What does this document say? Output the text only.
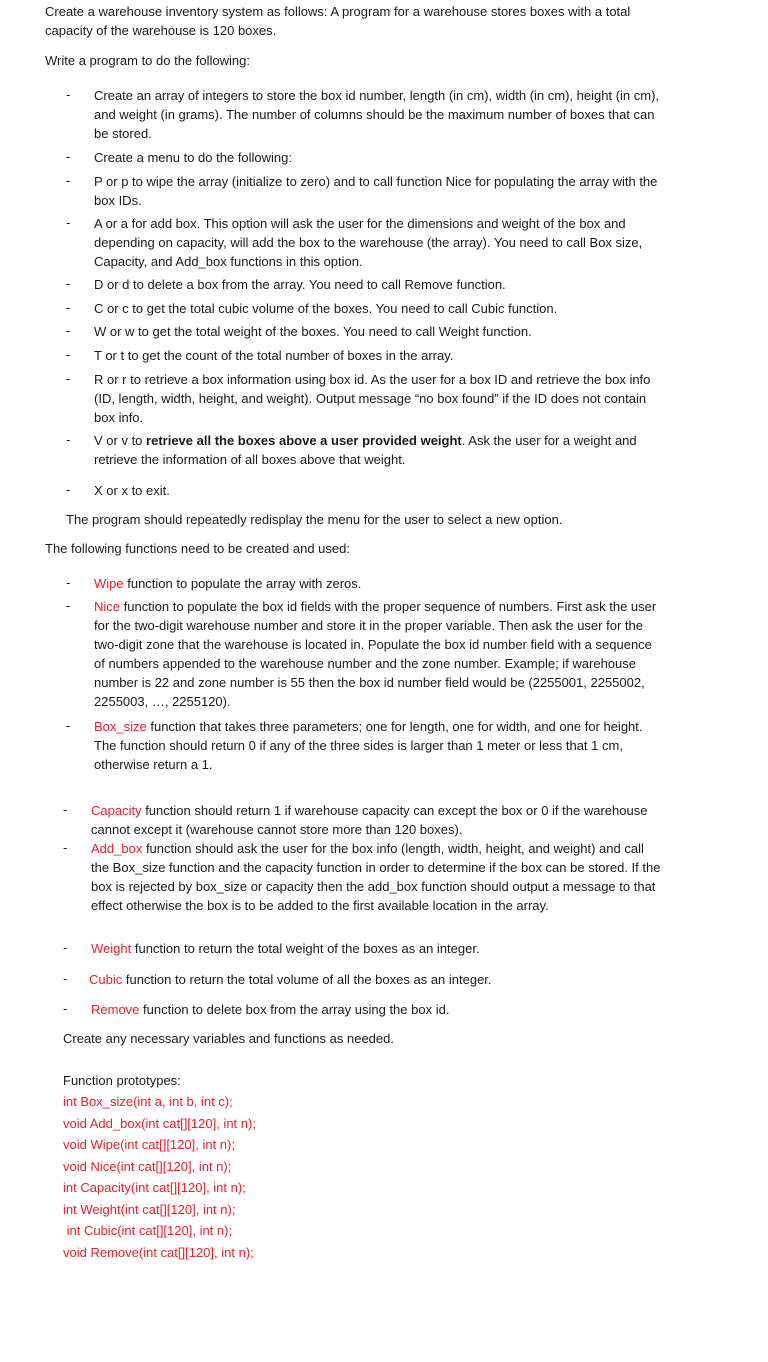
Create a warehouse inventory system as follows: A program for a warehouse stores boxes with a total
capacity of the warehouse is 120 boxes.
Write a program to do the following:
- Create an array of integers to store the box id number, length (in cm), width (in cm), height (in cm), and weight (in grams). The number of columns should be the maximum number of boxes that can be stored.
- Create a menu to do the following:
- P or p to wipe the array (initialize to zero) and to call function Nice for populating the array with the box IDs.
- A or a for add box. This option will ask the user for the dimensions and weight of the box and depending on capacity, will add the box to the warehouse (the array). You need to call Box size, Capacity, and Add_box functions in this option.
- D or d to delete a box from the array. You need to call Remove function.
- C or c to get the total cubic volume of the boxes. You need to call Cubic function.
- W or w to get the total weight of the boxes. You need to call Weight function.
- T or t to get the count of the total number of boxes in the array.
- R or r to retrieve a box information using box id. As the user for a box ID and retrieve the box info (ID, length, width, height, and weight). Output message “no box found” if the ID does not contain box info.
- V or v to retrieve all the boxes above a user provided weight. Ask the user for a weight and retrieve the information of all boxes above that weight.
- X or x to exit.
The program should repeatedly redisplay the menu for the user to select a new option.
The following functions need to be created and used:
- Wipe function to populate the array with zeros.
- Nice function to populate the box id fields with the proper sequence of numbers. First ask the user for the two-digit warehouse number and store it in the proper variable. Then ask the user for the two-digit zone that the warehouse is located in. Populate the box id number field with a sequence of numbers appended to the warehouse number and the zone number. Example; if warehouse number is 22 and zone number is 55 then the box id number field would be (2255001, 2255002, 2255003, …, 2255120).
- Box_size function that takes three parameters; one for length, one for width, and one for height. The function should return 0 if any of the three sides is larger than 1 meter or less that 1 cm, otherwise return a 1.
- Capacity function should return 1 if warehouse capacity can except the box or 0 if the warehouse cannot except it (warehouse cannot store more than 120 boxes).
- Add_box function should ask the user for the box info (length, width, height, and weight) and call the Box_size function and the capacity function in order to determine if the box can be stored. If the box is rejected by box_size or capacity then the add_box function should output a message to that effect otherwise the box is to be added to the first available location in the array.
- Weight function to return the total weight of the boxes as an integer.
- Cubic function to return the total volume of all the boxes as an integer.
- Remove function to delete box from the array using the box id.
Create any necessary variables and functions as needed.
Function prototypes:
int Box_size(int a, int b, int c);
void Add_box(int cat[][120], int n);
void Wipe(int cat[][120], int n);
void Nice(int cat[][120], int n);
int Capacity(int cat[][120], int n);
int Weight(int cat[][120], int n);
int Cubic(int cat[][120], int n);
void Remove(int cat[][120], int n);
